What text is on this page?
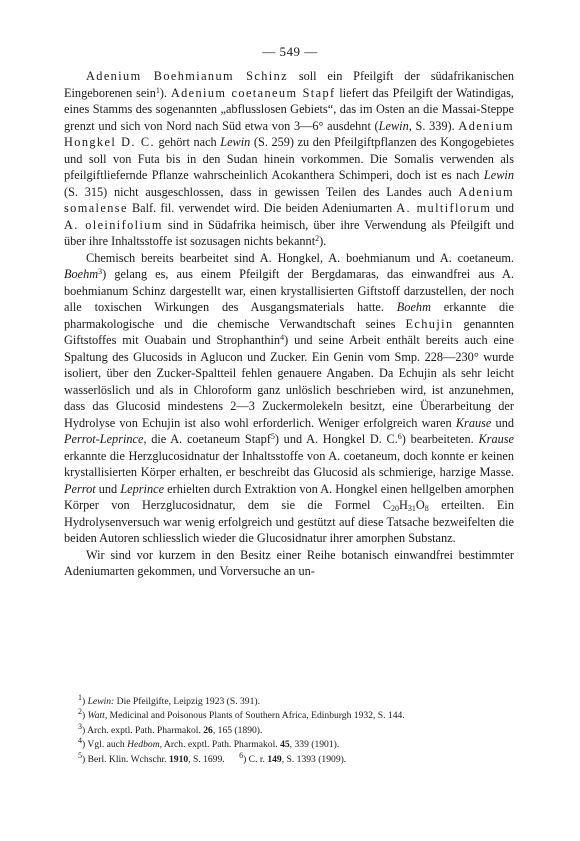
— 549 —

Adenium Boehmianum Schinz soll ein Pfeilgift der südafrikanischen Eingeborenen sein$^1$). Adenium coetaneum Stapf liefert das Pfeilgift der Watindigas, eines Stamms des sogenannten „abflusslosen Gebiets“, das im Osten an die Massai-Steppe grenzt und sich von Nord nach Süd etwa von 3—6° ausdehnt (Lewin, S. 339). Adenium Hongkel D. C. gehört nach Lewin (S. 259) zu den Pfeilgiftpflanzen des Kongogebietes und soll von Futa bis in den Sudan hinein vorkommen. Die Somalis verwenden als pfeilgiftliefernde Pflanze wahrscheinlich Acokanthera Schimperi, doch ist es nach Lewin (S. 315) nicht ausgeschlossen, dass in gewissen Teilen des Landes auch Adenium somalense Balf. fil. verwendet wird. Die beiden Adeniumarten A. multiflorum und A. oleinifolium sind in Südafrika heimisch, über ihre Verwendung als Pfeilgift und über ihre Inhaltsstoffe ist sozusagen nichts bekannt$^2$).

Chemisch bereits bearbeitet sind A. Hongkel, A. boehmianum und A. coetaneum. Boehm$^3$) gelang es, aus einem Pfeilgift der Bergdamaras, das einwandfrei aus A. boehmianum Schinz dargestellt war, einen krystallisierten Giftstoff darzustellen, der noch alle toxischen Wirkungen des Ausgangsmaterials hatte. Boehm erkannte die pharmakologische und die chemische Verwandtschaft seines Echujin genannten Giftstoffes mit Ouabain und Strophanthin$^4$) und seine Arbeit enthält bereits auch eine Spaltung des Glucosids in Aglucon und Zucker. Ein Genin vom Smp. 228—230° wurde isoliert, über den Zucker-Spaltteil fehlen genauere Angaben. Da Echujin als sehr leicht wasserlöslich und als in Chloroform ganz unlöslich beschrieben wird, ist anzunehmen, dass das Glucosid mindestens 2—3 Zuckermolekeln besitzt, eine Überarbeitung der Hydrolyse von Echujin ist also wohl erforderlich. Weniger erfolgreich waren Krause und Perrot-Leprince, die A. coetaneum Stapf$^5$) und A. Hongkel D. C.$^6$) bearbeiteten. Krause erkannte die Herzglucosidnatur der Inhaltsstoffe von A. coetaneum, doch konnte er keinen krystallisierten Körper erhalten, er beschreibt das Glucosid als schmierige, harzige Masse. Perrot und Leprince erhielten durch Extraktion von A. Hongkel einen hellgelben amorphen Körper von Herzglucosidnatur, dem sie die Formel $C_{20}H_{31}O_8$ erteilten. Ein Hydrolysenversuch war wenig erfolgreich und gestützt auf diese Tatsache bezweifelten die beiden Autoren schliesslich wieder die Glucosidnatur ihrer amorphen Substanz.

Wir sind vor kurzem in den Besitz einer Reihe botanisch einwandfrei bestimmter Adeniumarten gekommen, und Vorversuche an un-

$^1$) Lewin: Die Pfeilgifte, Leipzig 1923 (S. 391).
$^2$) Watt, Medicinal and Poisonous Plants of Southern Africa, Edinburgh 1932, S. 144.
$^3$) Arch. exptl. Path. Pharmakol. 26, 165 (1890).
$^4$) Vgl. auch Hedbom, Arch. exptl. Path. Pharmakol. 45, 339 (1901).
$^5$) Berl. Klin. Wchschr. 1910, S. 1699. $^6$) C. r. 149, S. 1393 (1909).
